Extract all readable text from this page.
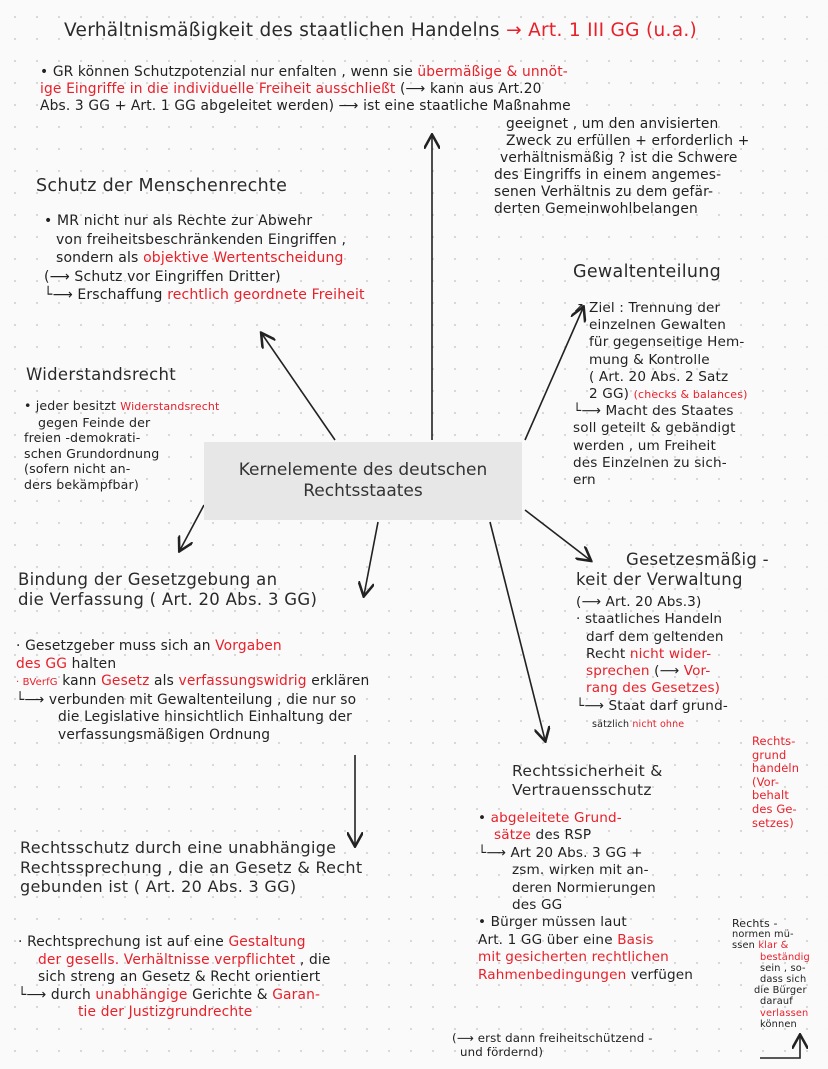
Verhältnismäßigkeit des staatlichen Handelns → Art. 1 III GG (u.a.)
• GR können Schutzpotenzial nur enfalten , wenn sie übermäßige & unnöt-
ige Eingriffe in die individuelle Freiheit ausschließt (⟶ kann aus Art.20
Abs. 3 GG + Art. 1 GG abgeleitet werden) ⟶ ist eine staatliche Maßnahme
geeignet , um den anvisierten
Zweck zu erfüllen + erforderlich +
verhältnismäßig ? ist die Schwere
des Eingriffs in einem angemes-
senen Verhältnis zu dem gefär-
derten Gemeinwohlbelangen
Schutz der Menschenrechte
• MR nicht nur als Rechte zur Abwehr
von freiheitsbeschränkenden Eingriffen ,
sondern als objektive Wertentscheidung
(⟶ Schutz vor Eingriffen Dritter)
└⟶ Erschaffung rechtlich geordnete Freiheit
Gewaltenteilung
↗ Ziel : Trennung der
einzelnen Gewalten
für gegenseitige Hem-
mung & Kontrolle
( Art. 20 Abs. 2 Satz
2 GG) (checks & balances)
└⟶ Macht des Staates
soll geteilt & gebändigt
werden , um Freiheit
des Einzelnen zu sich-
ern
Widerstandsrecht
• jeder besitzt Widerstandsrecht
gegen Feinde der
freien -demokrati-
schen Grundordnung
(sofern nicht an-
ders bekämpfbar)
Kernelemente des deutschen
Rechtsstaates
Gesetzesmäßig -
keit der Verwaltung
(⟶ Art. 20 Abs.3)
· staatliches Handeln
darf dem geltenden
Recht nicht wider-
sprechen (⟶ Vor-
rang des Gesetzes)
└⟶ Staat darf grund-
sätzlich nicht ohne
Rechts-
grund
handeln
(Vor-
behalt
des Ge-
setzes)
Bindung der Gesetzgebung an
die Verfassung ( Art. 20 Abs. 3 GG)
· Gesetzgeber muss sich an Vorgaben
des GG halten
· BVerfG kann Gesetz als verfassungswidrig erklären
└⟶ verbunden mit Gewaltenteilung , die nur so
die Legislative hinsichtlich Einhaltung der
verfassungsmäßigen Ordnung
Rechtssicherheit &
Vertrauensschutz
• abgeleitete Grund-
sätze des RSP
└⟶ Art 20 Abs. 3 GG +
zsm. wirken mit an-
deren Normierungen
des GG
• Bürger müssen laut
Art. 1 GG über eine Basis
mit gesicherten rechtlichen
Rahmenbedingungen verfügen
(⟶ erst dann freiheitschützend -
und fördernd)
Rechts -
normen mü-
ssen klar &
beständig
sein , so-
dass sich
die Bürger
darauf
verlassen
können
Rechtsschutz durch eine unabhängige
Rechtssprechung , die an Gesetz & Recht
gebunden ist ( Art. 20 Abs. 3 GG)
· Rechtsprechung ist auf eine Gestaltung
der gesells. Verhältnisse verpflichtet , die
sich streng an Gesetz & Recht orientiert
└⟶ durch unabhängige Gerichte & Garan-
tie der Justizgrundrechte
